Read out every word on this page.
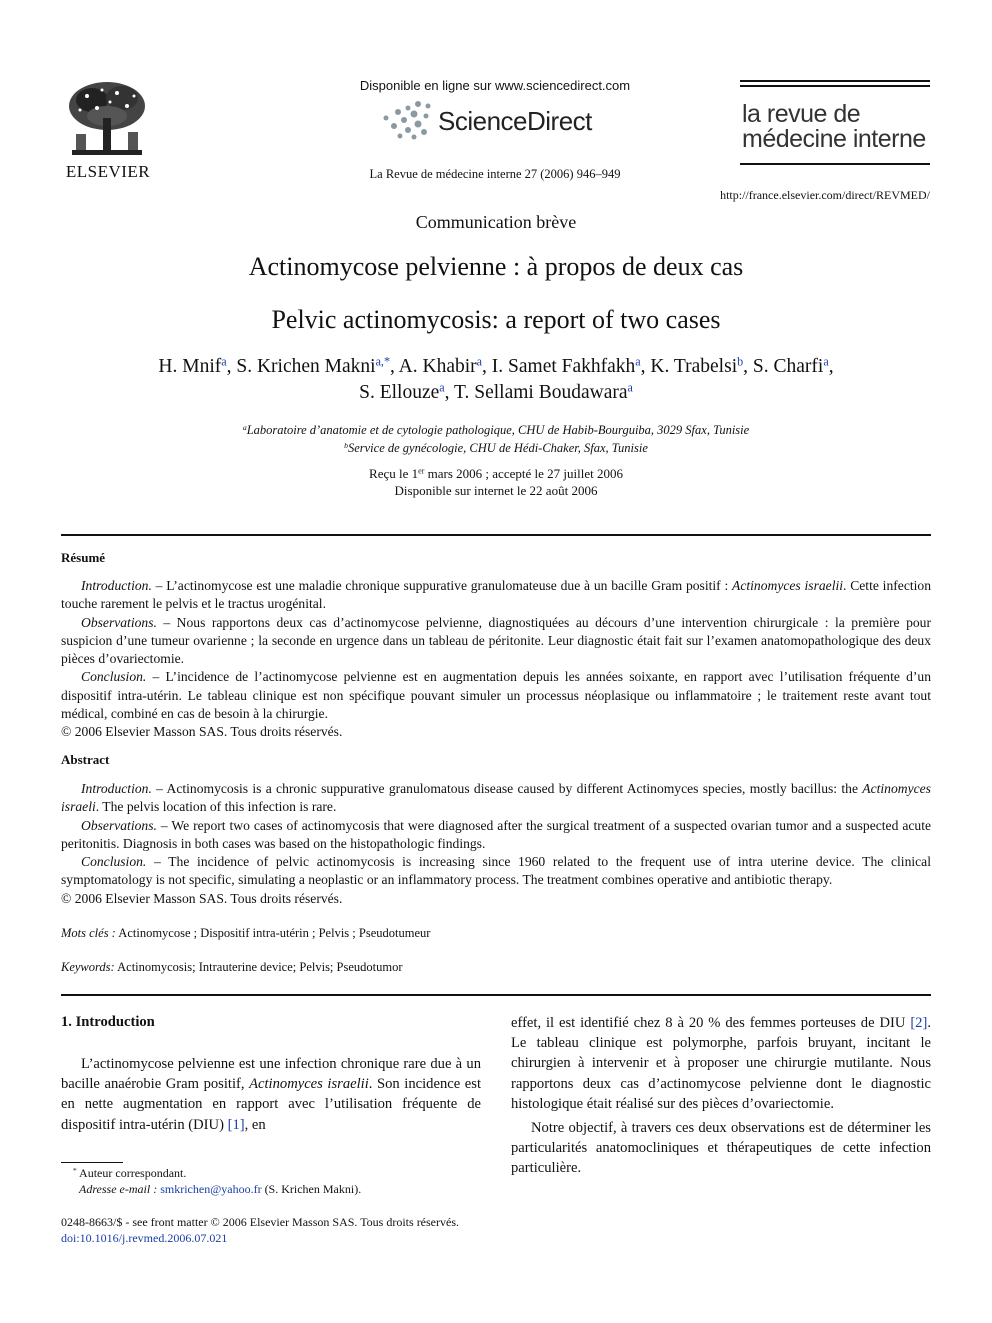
ELSEVIER
Disponible en ligne sur www.sciencedirect.com
ScienceDirect
La Revue de médecine interne 27 (2006) 946–949
la revue de
médecine interne
http://france.elsevier.com/direct/REVMED/
Communication brève
Actinomycose pelvienne : à propos de deux cas
Pelvic actinomycosis: a report of two cases
H. Mnif$^a$, S. Krichen Makni$^{a,*}$, A. Khabir$^a$, I. Samet Fakhfakh$^a$, K. Trabelsi$^b$, S. Charfi$^a$,
S. Ellouze$^a$, T. Sellami Boudawara$^a$
$^a$Laboratoire d’anatomie et de cytologie pathologique, CHU de Habib-Bourguiba, 3029 Sfax, Tunisie
$^b$Service de gynécologie, CHU de Hédi-Chaker, Sfax, Tunisie
Reçu le 1er mars 2006 ; accepté le 27 juillet 2006
Disponible sur internet le 22 août 2006
Résumé

Introduction. – L’actinomycose est une maladie chronique suppurative granulomateuse due à un bacille Gram positif : Actinomyces israelii. Cette infection touche rarement le pelvis et le tractus urogénital.

Observations. – Nous rapportons deux cas d’actinomycose pelvienne, diagnostiquées au décours d’une intervention chirurgicale : la première pour suspicion d’une tumeur ovarienne ; la seconde en urgence dans un tableau de péritonite. Leur diagnostic était fait sur l’examen anatomopathologique des deux pièces d’ovariectomie.

Conclusion. – L’incidence de l’actinomycose pelvienne est en augmentation depuis les années soixante, en rapport avec l’utilisation fréquente d’un dispositif intra-utérin. Le tableau clinique est non spécifique pouvant simuler un processus néoplasique ou inflammatoire ; le traitement reste avant tout médical, combiné en cas de besoin à la chirurgie.

© 2006 Elsevier Masson SAS. Tous droits réservés.

Abstract

Introduction. – Actinomycosis is a chronic suppurative granulomatous disease caused by different Actinomyces species, mostly bacillus: the Actinomyces israeli. The pelvis location of this infection is rare.

Observations. – We report two cases of actinomycosis that were diagnosed after the surgical treatment of a suspected ovarian tumor and a suspected acute peritonitis. Diagnosis in both cases was based on the histopathologic findings.

Conclusion. – The incidence of pelvic actinomycosis is increasing since 1960 related to the frequent use of intra uterine device. The clinical symptomatology is not specific, simulating a neoplastic or an inflammatory process. The treatment combines operative and antibiotic therapy.

© 2006 Elsevier Masson SAS. Tous droits réservés.

Mots clés : Actinomycose ; Dispositif intra-utérin ; Pelvis ; Pseudotumeur
Keywords: Actinomycosis; Intrauterine device; Pelvis; Pseudotumor
1. Introduction

L’actinomycose pelvienne est une infection chronique rare due à un bacille anaérobie Gram positif, Actinomyces israelii. Son incidence est en nette augmentation en rapport avec l’utilisation fréquente de dispositif intra-utérin (DIU) [1], en

effet, il est identifié chez 8 à 20 % des femmes porteuses de DIU [2]. Le tableau clinique est polymorphe, parfois bruyant, incitant le chirurgien à intervenir et à proposer une chirurgie mutilante. Nous rapportons deux cas d’actinomycose pelvienne dont le diagnostic histologique était réalisé sur des pièces d’ovariectomie.

Notre objectif, à travers ces deux observations est de déterminer les particularités anatomocliniques et thérapeutiques de cette infection particulière.

* Auteur correspondant.
Adresse e-mail : smkrichen@yahoo.fr (S. Krichen Makni).
0248-8663/$ - see front matter © 2006 Elsevier Masson SAS. Tous droits réservés.
doi:10.1016/j.revmed.2006.07.021
